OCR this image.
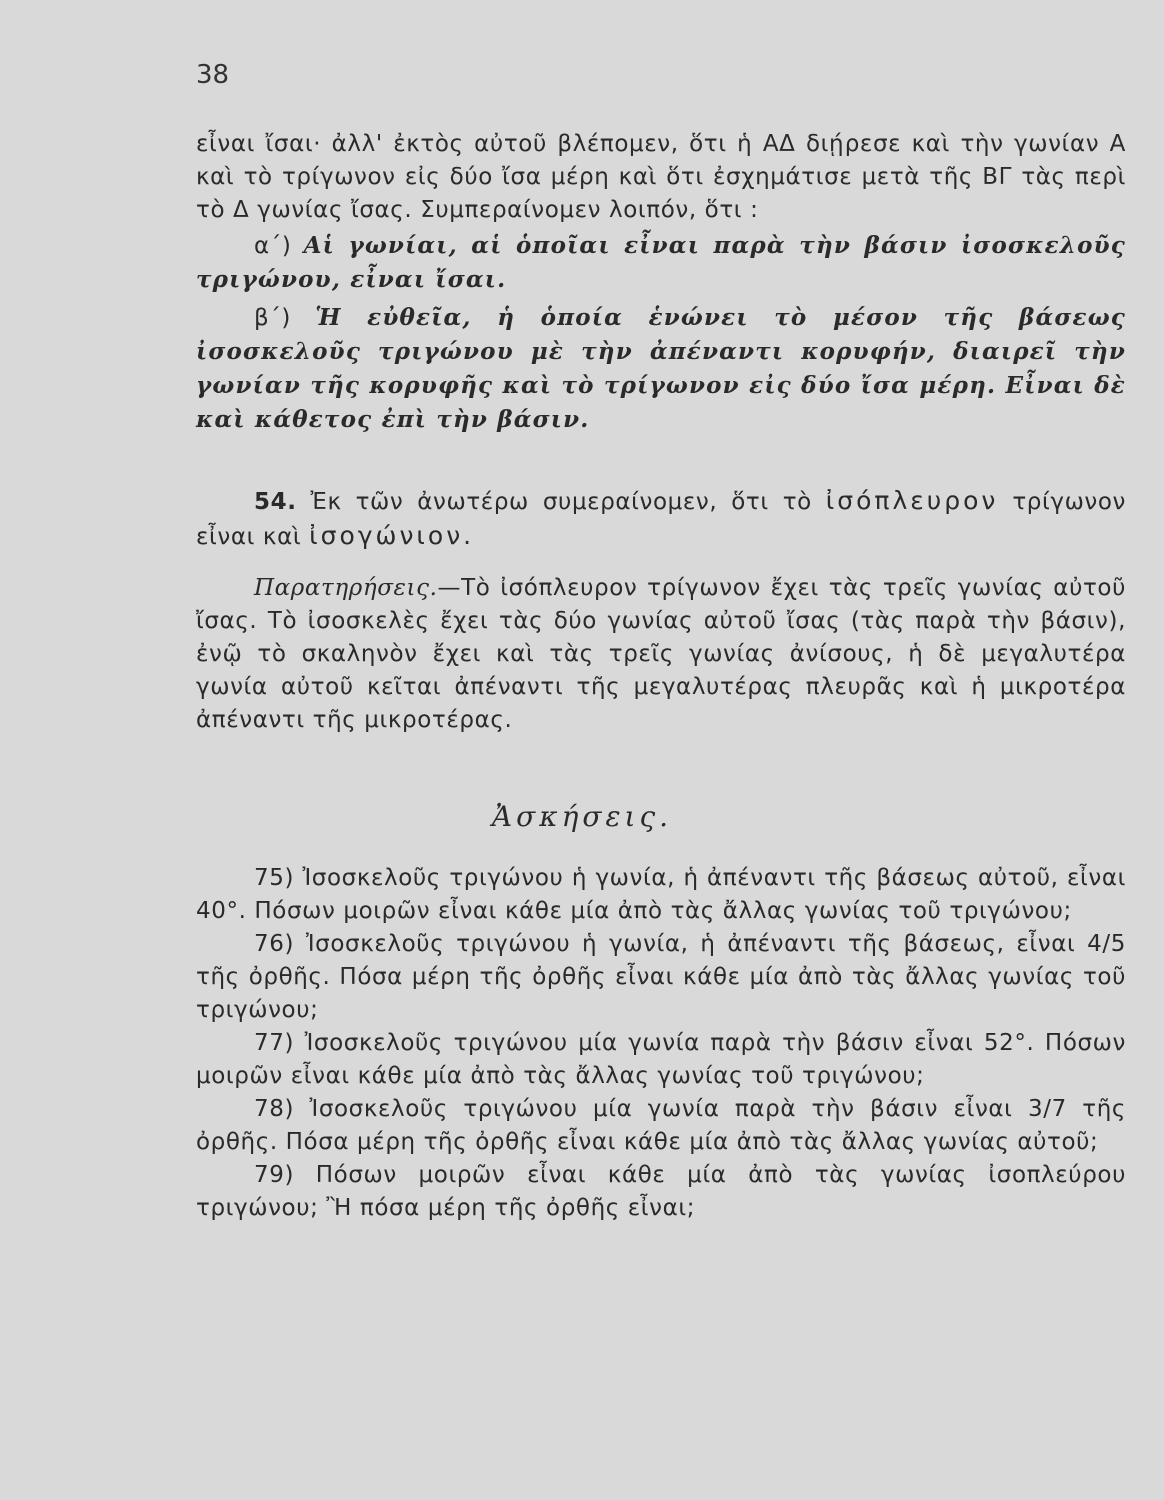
38

εἶναι ἴσαι· ἀλλ' ἐκτὸς αὐτοῦ βλέπομεν, ὅτι ἡ ΑΔ διῄρεσε καὶ τὴν γωνίαν Α καὶ τὸ τρίγωνον εἰς δύο ἴσα μέρη καὶ ὅτι ἐσχημάτισε μετὰ τῆς ΒΓ τὰς περὶ τὸ Δ γωνίας ἴσας. Συμπεραίνομεν λοιπόν, ὅτι :

α΄) Αἱ γωνίαι, αἱ ὁποῖαι εἶναι παρὰ τὴν βάσιν ἰσοσκελοῦς τριγώνου, εἶναι ἴσαι.

β΄) Ἡ εὐθεῖα, ἡ ὁποία ἑνώνει τὸ μέσον τῆς βάσεως ἰσοσκελοῦς τριγώνου μὲ τὴν ἀπέναντι κορυφήν, διαιρεῖ τὴν γωνίαν τῆς κορυφῆς καὶ τὸ τρίγωνον εἰς δύο ἴσα μέρη. Εἶναι δὲ καὶ κάθετος ἐπὶ τὴν βάσιν.

54. Ἐκ τῶν ἀνωτέρω συμεραίνομεν, ὅτι τὸ ἰσόπλευρον τρίγωνον εἶναι καὶ ἰσογώνιον.

Παρατηρήσεις.—Τὸ ἰσόπλευρον τρίγωνον ἔχει τὰς τρεῖς γωνίας αὐτοῦ ἴσας. Τὸ ἰσοσκελὲς ἔχει τὰς δύο γωνίας αὐτοῦ ἴσας (τὰς παρὰ τὴν βάσιν), ἐνῷ τὸ σκαληνὸν ἔχει καὶ τὰς τρεῖς γωνίας ἀνίσους, ἡ δὲ μεγαλυτέρα γωνία αὐτοῦ κεῖται ἀπέναντι τῆς μεγαλυτέρας πλευρᾶς καὶ ἡ μικροτέρα ἀπέναντι τῆς μικροτέρας.

Ἀσκήσεις.

75) Ἰσοσκελοῦς τριγώνου ἡ γωνία, ἡ ἀπέναντι τῆς βάσεως αὐτοῦ, εἶναι 40°. Πόσων μοιρῶν εἶναι κάθε μία ἀπὸ τὰς ἄλλας γωνίας τοῦ τριγώνου;

76) Ἰσοσκελοῦς τριγώνου ἡ γωνία, ἡ ἀπέναντι τῆς βάσεως, εἶναι 4/5 τῆς ὀρθῆς. Πόσα μέρη τῆς ὀρθῆς εἶναι κάθε μία ἀπὸ τὰς ἄλλας γωνίας τοῦ τριγώνου;

77) Ἰσοσκελοῦς τριγώνου μία γωνία παρὰ τὴν βάσιν εἶναι 52°. Πόσων μοιρῶν εἶναι κάθε μία ἀπὸ τὰς ἄλλας γωνίας τοῦ τριγώνου;

78) Ἰσοσκελοῦς τριγώνου μία γωνία παρὰ τὴν βάσιν εἶναι 3/7 τῆς ὀρθῆς. Πόσα μέρη τῆς ὀρθῆς εἶναι κάθε μία ἀπὸ τὰς ἄλλας γωνίας αὐτοῦ;

79) Πόσων μοιρῶν εἶναι κάθε μία ἀπὸ τὰς γωνίας ἰσοπλεύρου τριγώνου; Ἢ πόσα μέρη τῆς ὀρθῆς εἶναι;
